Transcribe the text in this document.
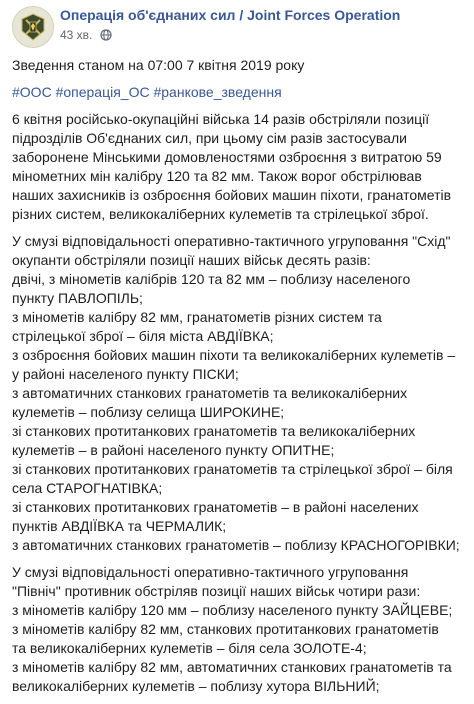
Операція об'єднаних сил / Joint Forces Operation
43 хв.

Зведення станом на 07:00 7 квітня 2019 року

#ООС #операція_ОС #ранкове_зведення

6 квітня російсько-окупаційні війська 14 разів обстріляли позиції
підрозділів Об'єднаних сил, при цьому сім разів застосували
заборонене Мінськими домовленостями озброєння з витратою 59
мінометних мін калібру 120 та 82 мм. Також ворог обстрілював
наших захисників із озброєння бойових машин піхоти, гранатометів
різних систем, великокаліберних кулеметів та стрілецької зброї.

У смузі відповідальності оперативно-тактичного угруповання "Схід"
окупанти обстріляли позиції наших військ десять разів:
двічі, з мінометів калібрів 120 та 82 мм – поблизу населеного
пункту ПАВЛОПІЛЬ;
з мінометів калібру 82 мм, гранатометів різних систем та
стрілецької зброї – біля міста АВДІЇВКА;
з озброєння бойових машин піхоти та великокаліберних кулеметів –
у районі населеного пункту ПІСКИ;
з автоматичних станкових гранатометів та великокаліберних
кулеметів – поблизу селища ШИРОКИНЕ;
зі станкових протитанкових гранатометів та великокаліберних
кулеметів – в районі населеного пункту ОПИТНЕ;
зі станкових протитанкових гранатометів та стрілецької зброї – біля
села СТАРОГНАТІВКА;
зі станкових протитанкових гранатометів – в районі населених
пунктів АВДІЇВКА та ЧЕРМАЛИК;
з автоматичних станкових гранатометів – поблизу КРАСНОГОРІВКИ;

У смузі відповідальності оперативно-тактичного угруповання
"Північ" противник обстріляв позиції наших військ чотири рази:
з мінометів калібру 120 мм – поблизу населеного пункту ЗАЙЦЕВЕ;
з мінометів калібру 82 мм, станкових протитанкових гранатометів
та великокаліберних кулеметів – біля села ЗОЛОТЕ-4;
з мінометів калібру 82 мм, автоматичних станкових гранатометів та
великокаліберних кулеметів – поблизу хутора ВІЛЬНИЙ;
